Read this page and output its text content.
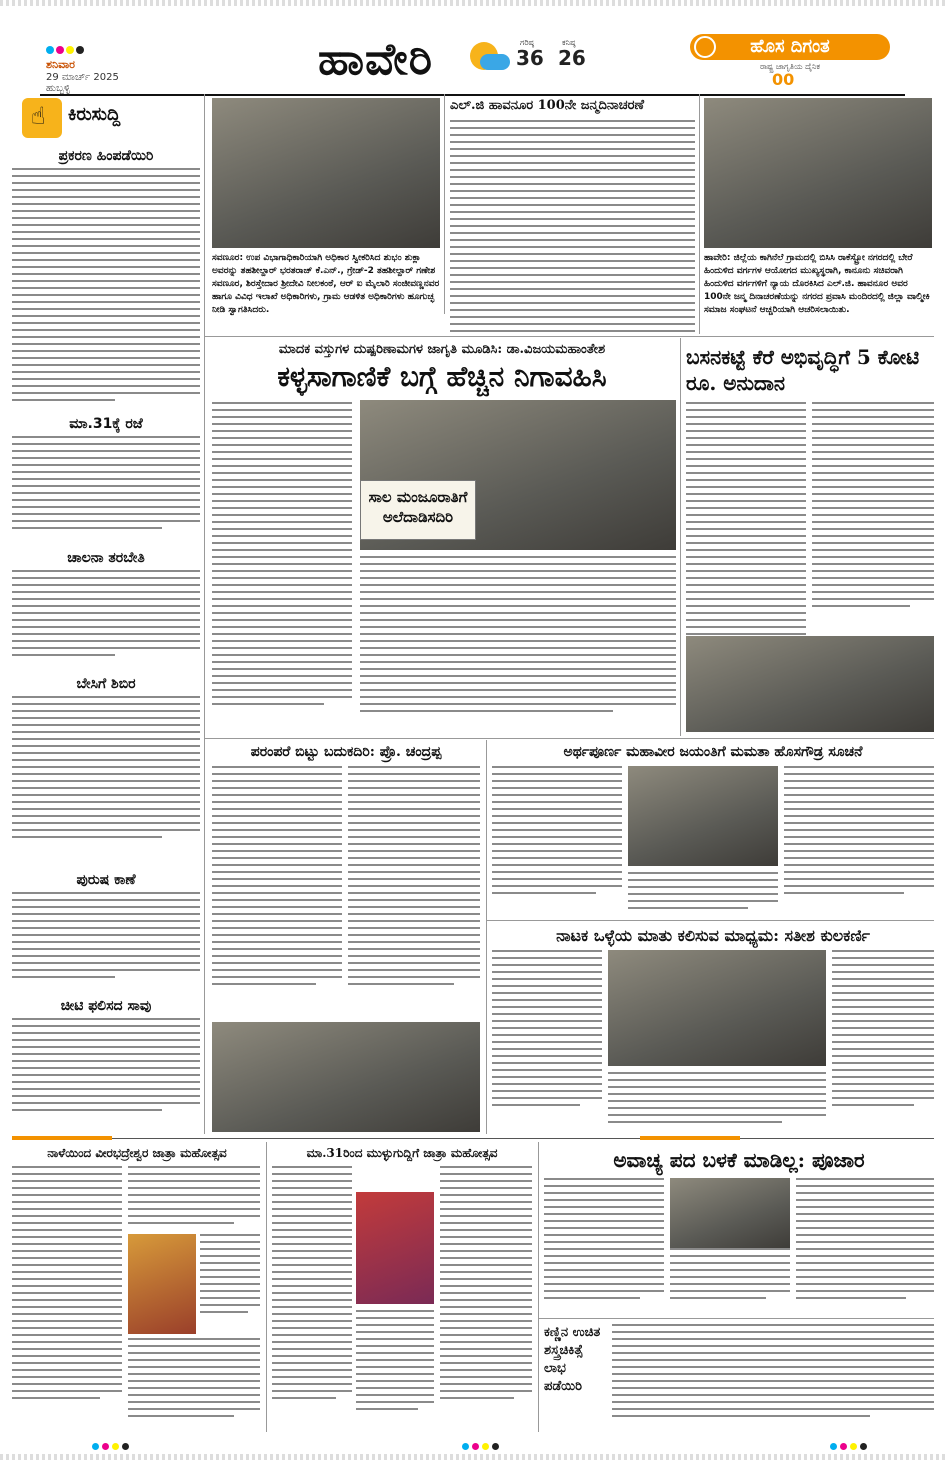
ಶನಿವಾರ
29 ಮಾರ್ಚ್ 2025
ಹುಬ್ಬಳ್ಳಿ
ಹಾವೇರಿ	ಗರಿಷ್ಠ
36
ಕನಿಷ್ಠ
26	ಹೊಸ ದಿಗಂತ
ರಾಷ್ಟ್ರ ಜಾಗೃತಿಯ ದೈನಿಕ
00
☝
ಕಿರುಸುದ್ದಿ
ಪ್ರಕರಣ ಹಿಂಪಡೆಯಿರಿ
ಮಾ.31ಕ್ಕೆ ರಜೆ
ಚಾಲನಾ ತರಬೇತಿ
ಬೇಸಿಗೆ ಶಿಬಿರ
ಪುರುಷ ಕಾಣೆ
ಚೀಟಿ ಫಲಿಸದ ಸಾವು
ಸವಣೂರ: ಉಪ ವಿಭಾಗಾಧಿಕಾರಿಯಾಗಿ ಅಧಿಕಾರ ಸ್ವೀಕರಿಸಿದ ಶುಭಂ ಶುಕ್ಲಾ ಅವರನ್ನು ತಹಶೀಲ್ದಾರ್ ಭರತರಾಜ್ ಕೆ.ಎನ್., ಗ್ರೇಡ್-2 ತಹಶೀಲ್ದಾರ್ ಗಣೇಶ ಸವಣೂರ, ಶಿರಸ್ತೇದಾರ ಶ್ರೀದೇವಿ ನೀಲಕಂಠೆ, ಆರ್ ಐ ಮೈಲಾರಿ ಸಂಜೀವಣ್ಣನವರ ಹಾಗೂ ವಿವಿಧ ಇಲಾಖೆ ಅಧಿಕಾರಿಗಳು, ಗ್ರಾಮ ಆಡಳಿತ ಅಧಿಕಾರಿಗಳು ಹೂಗುಚ್ಛ ನೀಡಿ ಸ್ವಾಗತಿಸಿದರು.
ಎಲ್.ಜಿ ಹಾವನೂರ 100ನೇ ಜನ್ಮದಿನಾಚರಣೆ
ಹಾವೇರಿ: ಜಿಲ್ಲೆಯ ಕಾಗಿನೆಲೆ ಗ್ರಾಮದಲ್ಲಿ ಬಿಸಿಸಿ ರಾಕೆಸ್ಟ್ರೋ ನಗರದಲ್ಲಿ ಬೇರೆ ಹಿಂದುಳಿದ ವರ್ಗಗಳ ಆಯೋಗದ ಮುಖ್ಯಸ್ಥರಾಗಿ, ಕಾನೂನು ಸಚಿವರಾಗಿ ಹಿಂದುಳಿದ ವರ್ಗಗಳಿಗೆ ನ್ಯಾಯ ದೊರಕಿಸಿದ ಎಲ್.ಜಿ. ಹಾವನೂರ ಅವರ 100ನೇ ಜನ್ಮ ದಿನಾಚರಣೆಯನ್ನು ನಗರದ ಪ್ರವಾಸಿ ಮಂದಿರದಲ್ಲಿ ಜಿಲ್ಲಾ ವಾಲ್ಮೀಕಿ ಸಮಾಜ ಸಂಘಟನೆ ಆಚ್ಚರಿಯಾಗಿ ಆಚರಿಸಲಾಯಿತು.
ಮಾದಕ ವಸ್ತುಗಳ ದುಷ್ಪರಿಣಾಮಗಳ ಜಾಗೃತಿ ಮೂಡಿಸಿ: ಡಾ.ವಿಜಯಮಹಾಂತೇಶ
ಕಳ್ಳಸಾಗಾಣಿಕೆ ಬಗ್ಗೆ ಹೆಚ್ಚಿನ ನಿಗಾವಹಿಸಿ
ಸಾಲ ಮಂಜೂರಾತಿಗೆ ಅಲೆದಾಡಿಸದಿರಿ
ಬಸನಕಟ್ಟೆ ಕೆರೆ ಅಭಿವೃದ್ಧಿಗೆ 5 ಕೋಟಿ ರೂ. ಅನುದಾನ
ಪರಂಪರೆ ಬಿಟ್ಟು ಬದುಕದಿರಿ: ಪ್ರೊ. ಚಂದ್ರಪ್ಪ	ಅರ್ಥಪೂರ್ಣ ಮಹಾವೀರ ಜಯಂತಿಗೆ ಮಮತಾ ಹೊಸಗೌಡ್ರ ಸೂಚನೆ
ನಾಟಕ ಒಳ್ಳೆಯ ಮಾತು ಕಲಿಸುವ ಮಾಧ್ಯಮ: ಸತೀಶ ಕುಲಕರ್ಣಿ
ನಾಳೆಯಿಂದ ವೀರಭದ್ರೇಶ್ವರ ಜಾತ್ರಾ ಮಹೋತ್ಸವ	ಮಾ.31ರಿಂದ ಮುಳ್ಳುಗುದ್ದಿಗೆ ಜಾತ್ರಾ ಮಹೋತ್ಸವ	ಅವಾಚ್ಯ ಪದ ಬಳಕೆ ಮಾಡಿಲ್ಲ: ಪೂಜಾರ
ಕಣ್ಣಿನ ಉಚಿತ ಶಸ್ತ್ರಚಿಕಿತ್ಸೆ ಲಾಭ ಪಡೆಯಿರಿ
